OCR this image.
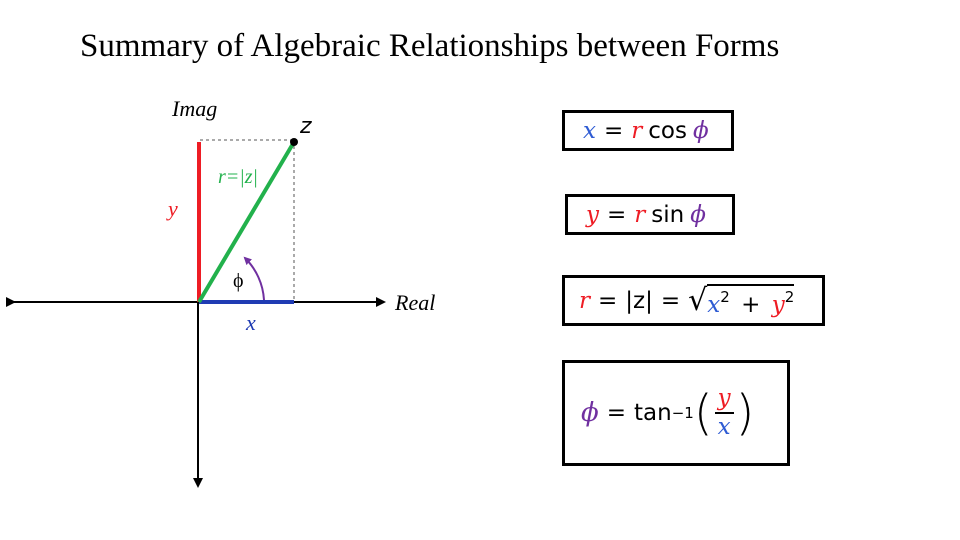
Summary of Algebraic Relationships between Forms
Imag
Real
z
r=|z|
y
x
ϕ
x = r cos ϕ
y = r sin ϕ
r = |z| = √ $x^2 + y^2$
ϕ = tan −1 ( $\frac{y}{x}$ )
